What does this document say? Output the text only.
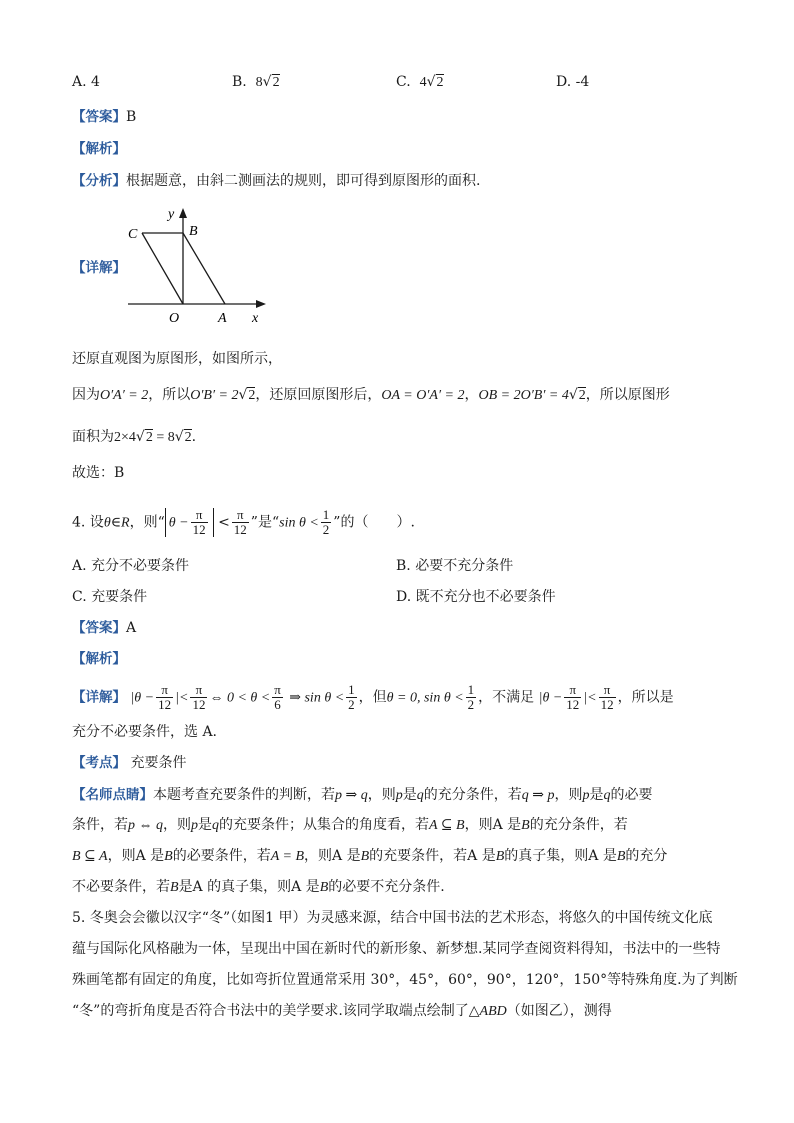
A. 4	B. 8√2	C. 4√2	D. -4
【答案】B
【解析】
【分析】根据题意，由斜二测画法的规则，即可得到原图形的面积.
【详解】
y
C	B
O	A x
还原直观图为原图形，如图所示，
因为O′A′ = 2，所以O′B′ = 2√2，还原回原图形后，OA = O′A′ = 2，OB = 2O′B′ = 4√2，所以原图形
面积为2×4√2 = 8√2.
故选：B
4. 设θ∈R，则“ $\theta - \frac{\pi}{12} < \frac{\pi}{12}$ ”是“sin $\theta < \frac{1}{2}$ ”的（　　）.
A. 充分不必要条件	B. 必要不充分条件
C. 充要条件	D. 既不充分也不必要条件
【答案】A
【解析】
【详解】 $|\theta - \frac{\pi}{12}$ |< $\frac{\pi}{12}$ ⇔ $0 < \theta < \frac{\pi}{6}$ ⇒ $\sin \theta < \frac{1}{2}$ ，但θ = 0, $\sin \theta < \frac{1}{2}$ ，不满足 $|\theta - \frac{\pi}{12}$ |< $\frac{\pi}{12}$ ，所以是
充分不必要条件，选 A.
【考点】 充要条件
【名师点睛】本题考查充要条件的判断，若p ⇒ q，则p是q的充分条件，若q ⇒ p，则p是q的必要
条件，若p ⇔ q，则p是q的充要条件；从集合的角度看，若A ⊆ B，则A 是B的充分条件，若
B ⊆ A，则A 是B的必要条件，若A = B，则A 是B的充要条件，若A 是B的真子集，则A 是B的充分
不必要条件，若B是A 的真子集，则A 是B的必要不充分条件.
5. 冬奥会会徽以汉字“冬”（如图1 甲）为灵感来源，结合中国书法的艺术形态，将悠久的中国传统文化底
蕴与国际化风格融为一体，呈现出中国在新时代的新形象、新梦想.某同学查阅资料得知，书法中的一些特
殊画笔都有固定的角度，比如弯折位置通常采用 30°，45°，60°，90°，120°，150°等特殊角度.为了判断
“冬”的弯折角度是否符合书法中的美学要求.该同学取端点绘制了△ABD（如图乙），测得
